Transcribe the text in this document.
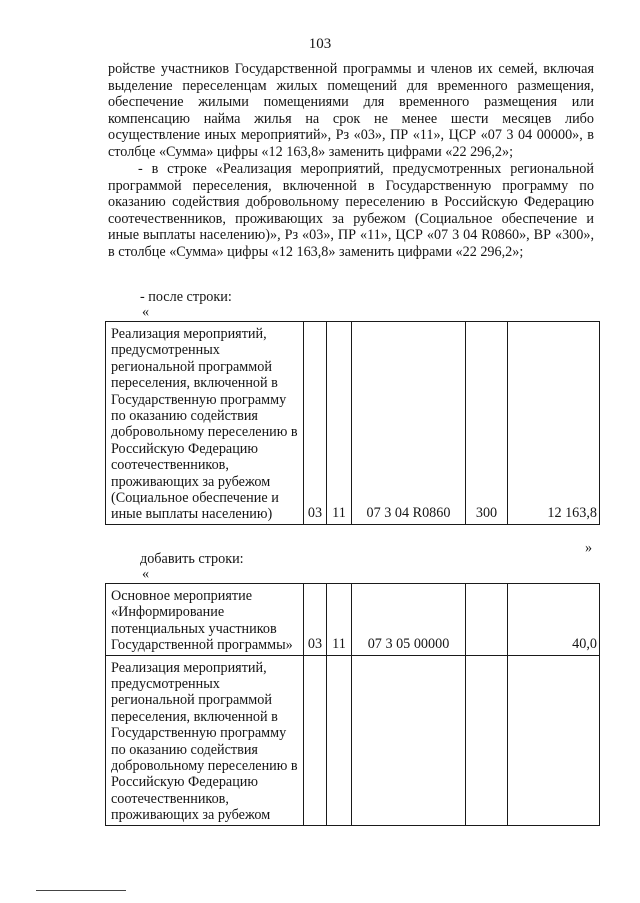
103

ройстве участников Государственной программы и членов их семей, включая выделение переселенцам жилых помещений для временного размещения, обеспечение жилыми помещениями для временного размещения или компенсацию найма жилья на срок не менее шести месяцев либо осуществление иных мероприятий», Рз «03», ПР «11», ЦСР «07 3 04 00000», в столбце «Сумма» цифры «12 163,8» заменить цифрами «22 296,2»;

- в строке «Реализация мероприятий, предусмотренных региональной программой переселения, включенной в Государственную программу по оказанию содействия добровольному переселению в Российскую Федерацию соотечественников, проживающих за рубежом (Социальное обеспечение и иные выплаты населению)», Рз «03», ПР «11», ЦСР «07 3 04 R0860», ВР «300», в столбце «Сумма» цифры «12 163,8» заменить цифрами «22 296,2»;

- после строки:
«
Реализация мероприятий, предусмотренных региональной программой переселения, включенной в Государственную программу по оказанию содействия добровольному переселению в Российскую Федерацию соотечественников, проживающих за рубежом (Социальное обеспечение и иные выплаты населению)	03	11	07 3 04 R0860	300	12 163,8
»
добавить строки:
«
Основное мероприятие «Информирование потенциальных участников Государственной программы»	03	11	07 3 05 00000		40,0
Реализация мероприятий, предусмотренных региональной программой переселения, включенной в Государственную программу по оказанию содействия добровольному переселению в Российскую Федерацию соотечественников, проживающих за рубежом					
